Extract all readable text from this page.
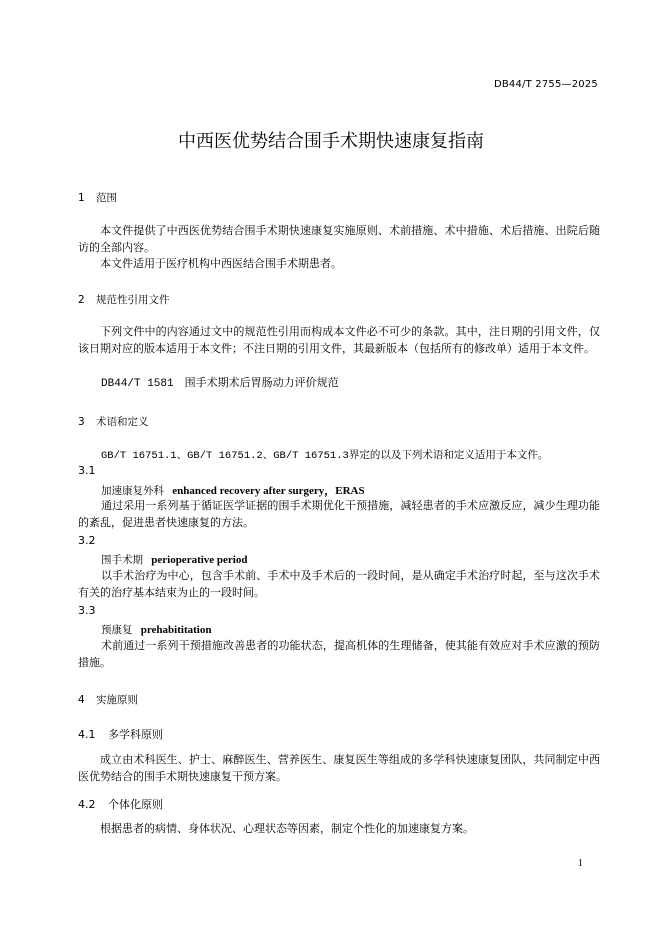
DB44/T 2755—2025
中西医优势结合围手术期快速康复指南
1 范围

本文件提供了中西医优势结合围手术期快速康复实施原则、术前措施、术中措施、术后措施、出院后随访的全部内容。

本文件适用于医疗机构中西医结合围手术期患者。

2 规范性引用文件

下列文件中的内容通过文中的规范性引用而构成本文件必不可少的条款。其中，注日期的引用文件，仅该日期对应的版本适用于本文件；不注日期的引用文件，其最新版本（包括所有的修改单）适用于本文件。

DB44/T 1581　围手术期术后胃肠动力评价规范
3 术语和定义
GB/T 16751.1、GB/T 16751.2、GB/T 16751.3界定的以及下列术语和定义适用于本文件。
3.1
加速康复外科 enhanced recovery after surgery，ERAS

通过采用一系列基于循证医学证据的围手术期优化干预措施，减轻患者的手术应激反应，减少生理功能的紊乱，促进患者快速康复的方法。

3.2
围手术期 perioperative period

以手术治疗为中心，包含手术前、手术中及手术后的一段时间，是从确定手术治疗时起，至与这次手术有关的治疗基本结束为止的一段时间。

3.3
预康复 prehabititation

术前通过一系列干预措施改善患者的功能状态，提高机体的生理储备，使其能有效应对手术应激的预防措施。

4 实施原则
4.1 多学科原则

成立由术科医生、护士、麻醉医生、营养医生、康复医生等组成的多学科快速康复团队，共同制定中西医优势结合的围手术期快速康复干预方案。

4.2 个体化原则

根据患者的病情、身体状况、心理状态等因素，制定个性化的加速康复方案。

1
